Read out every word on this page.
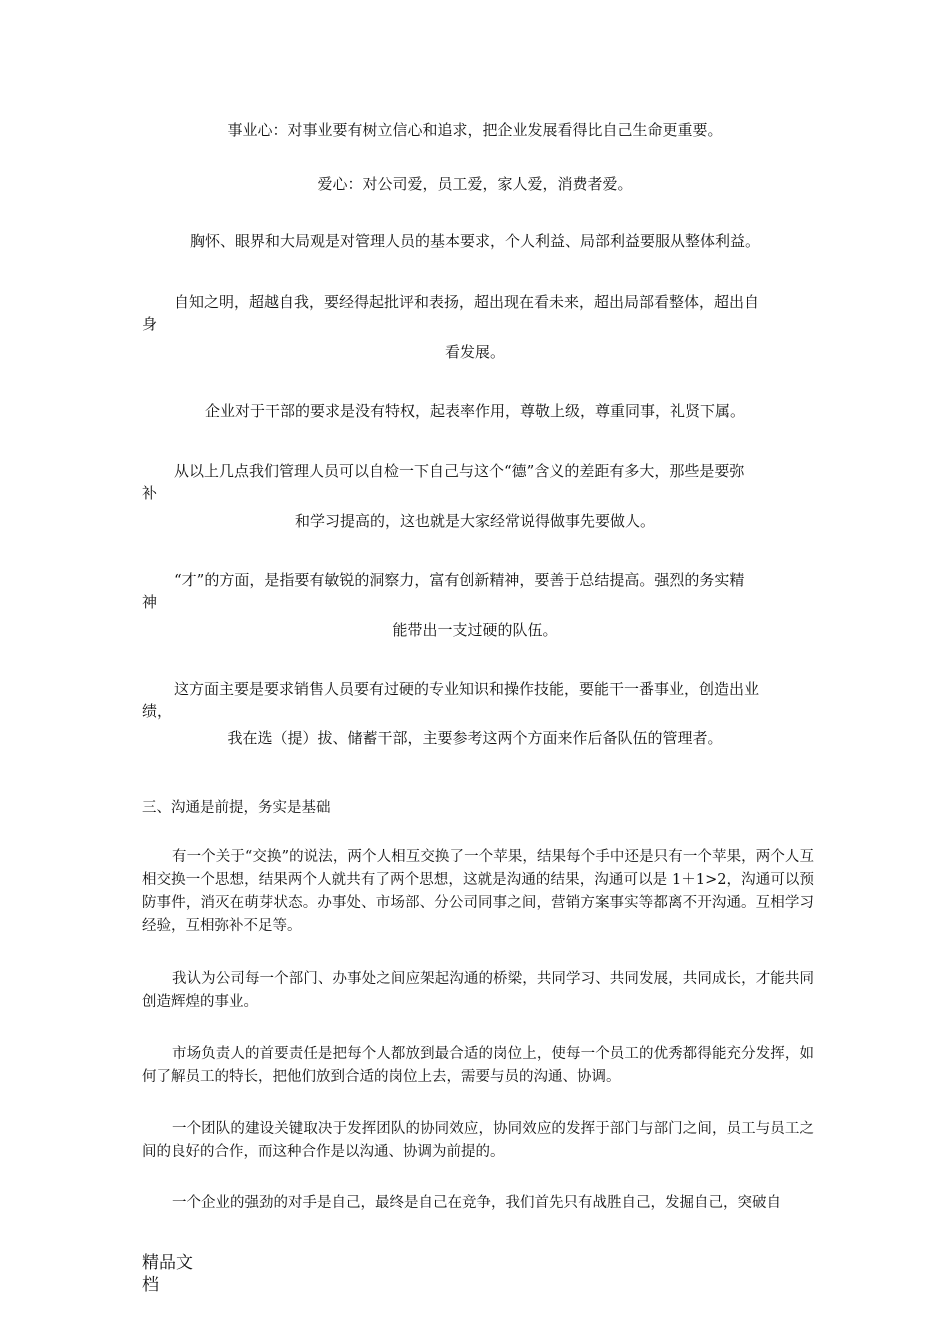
事业心：对事业要有树立信心和追求，把企业发展看得比自己生命更重要。
爱心：对公司爱，员工爱，家人爱，消费者爱。
胸怀、眼界和大局观是对管理人员的基本要求，个人利益、局部利益要服从整体利益。
自知之明，超越自我，要经得起批评和表扬，超出现在看未来，超出局部看整体，超出自
身
看发展。
企业对于干部的要求是没有特权，起表率作用，尊敬上级，尊重同事，礼贤下属。
从以上几点我们管理人员可以自检一下自己与这个“德”含义的差距有多大，那些是要弥
补
和学习提高的，这也就是大家经常说得做事先要做人。
“才”的方面，是指要有敏锐的洞察力，富有创新精神，要善于总结提高。强烈的务实精
神
能带出一支过硬的队伍。
这方面主要是要求销售人员要有过硬的专业知识和操作技能，要能干一番事业，创造出业
绩，
我在选（提）拔、储蓄干部，主要参考这两个方面来作后备队伍的管理者。
三、沟通是前提，务实是基础
有一个关于“交换”的说法，两个人相互交换了一个苹果，结果每个手中还是只有一个苹果，两个人互相交换一个思想，结果两个人就共有了两个思想，这就是沟通的结果，沟通可以是 1＋1>2，沟通可以预防事件，消灭在萌芽状态。办事处、市场部、分公司同事之间，营销方案事实等都离不开沟通。互相学习经验，互相弥补不足等。
我认为公司每一个部门、办事处之间应架起沟通的桥梁，共同学习、共同发展，共同成长，才能共同创造辉煌的事业。
市场负责人的首要责任是把每个人都放到最合适的岗位上，使每一个员工的优秀都得能充分发挥，如何了解员工的特长，把他们放到合适的岗位上去，需要与员的沟通、协调。
一个团队的建设关键取决于发挥团队的协同效应，协同效应的发挥于部门与部门之间，员工与员工之间的良好的合作，而这种合作是以沟通、协调为前提的。
一个企业的强劲的对手是自己，最终是自己在竞争，我们首先只有战胜自己，发掘自己，突破自
精品文
档
